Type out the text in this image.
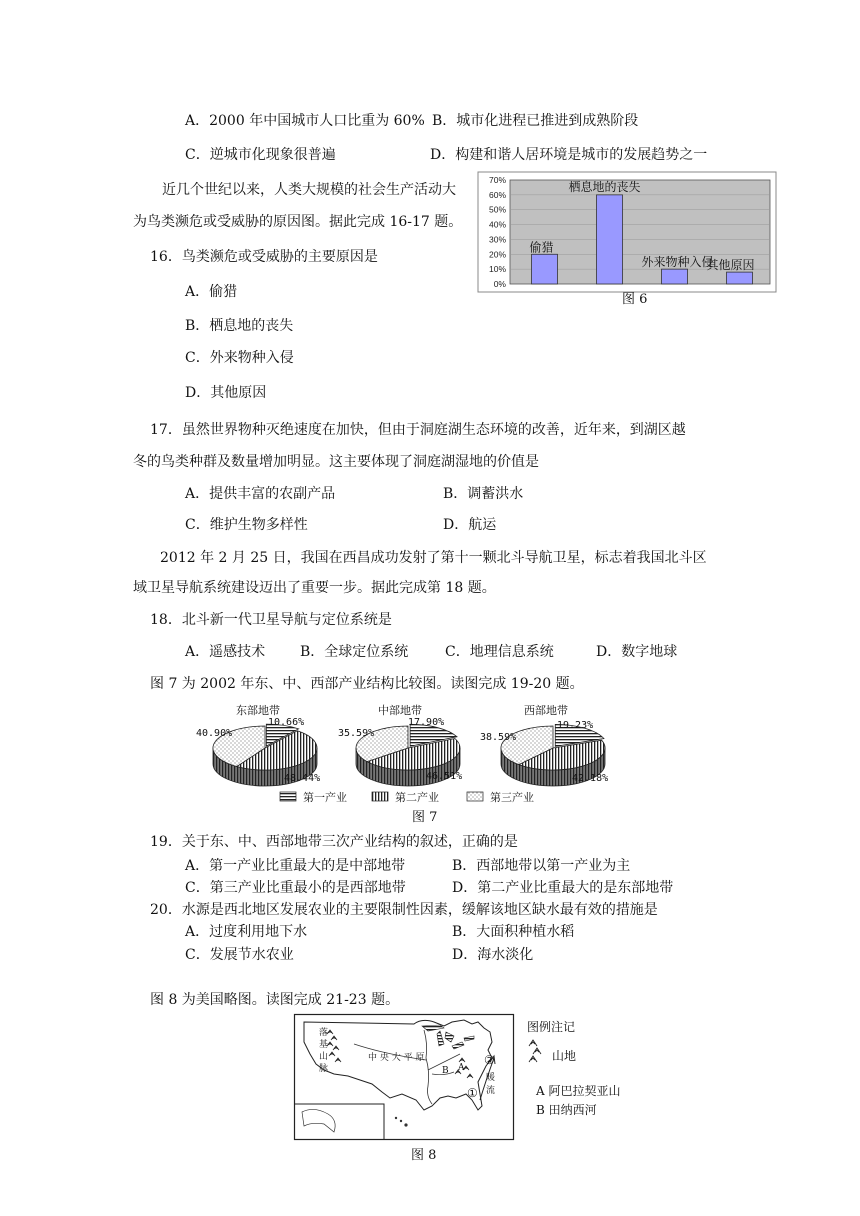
A．2000 年中国城市人口比重为 60% B．城市化进程已推进到成熟阶段
C．逆城市化现象很普遍	D．构建和谐人居环境是城市的发展趋势之一
近几个世纪以来，人类大规模的社会生产活动大
为鸟类濒危或受威胁的原因图。据此完成 16-17 题。
16．鸟类濒危或受威胁的主要原因是
A．偷猎
B．栖息地的丧失
C．外来物种入侵
D．其他原因
70%
60%
50%
40%
30%
20%
10%
0%
偷猎
栖息地的丧失
外来物种入侵
其他原因
图 6
17．虽然世界物种灭绝速度在加快，但由于洞庭湖生态环境的改善，近年来，到湖区越
冬的鸟类种群及数量增加明显。这主要体现了洞庭湖湿地的价值是
A．提供丰富的农副产品	B．调蓄洪水
C．维护生物多样性	D．航运
2012 年 2 月 25 日，我国在西昌成功发射了第十一颗北斗导航卫星，标志着我国北斗区
域卫星导航系统建设迈出了重要一步。据此完成第 18 题。
18．北斗新一代卫星导航与定位系统是
A．遥感技术 B．全球定位系统	C．地理信息系统	D．数字地球
图 7 为 2002 年东、中、西部产业结构比较图。读图完成 19-20 题。
第一产业	第二产业	第三产业
图 7
东部地带
10.66%
40.90%
48.44%
中部地带
17.90%
35.59%
46.51%
西部地带
19.23%
38.59%
42.18%
19．关于东、中、西部地带三次产业结构的叙述，正确的是
A．第一产业比重最大的是中部地带	B．西部地带以第一产业为主
C．第三产业比重最小的是西部地带	D．第二产业比重最大的是东部地带
20．水源是西北地区发展农业的主要限制性因素，缓解该地区缺水最有效的措施是
A．过度利用地下水	B．大面积种植水稻
C．发展节水农业	D．海水淡化
图 8 为美国略图。读图完成 21-23 题。
落
基
山
脉
中 央 大 平 原
B A
②
①
暖
流
图例注记
山地
A 阿巴拉契亚山
B 田纳西河
图 8
